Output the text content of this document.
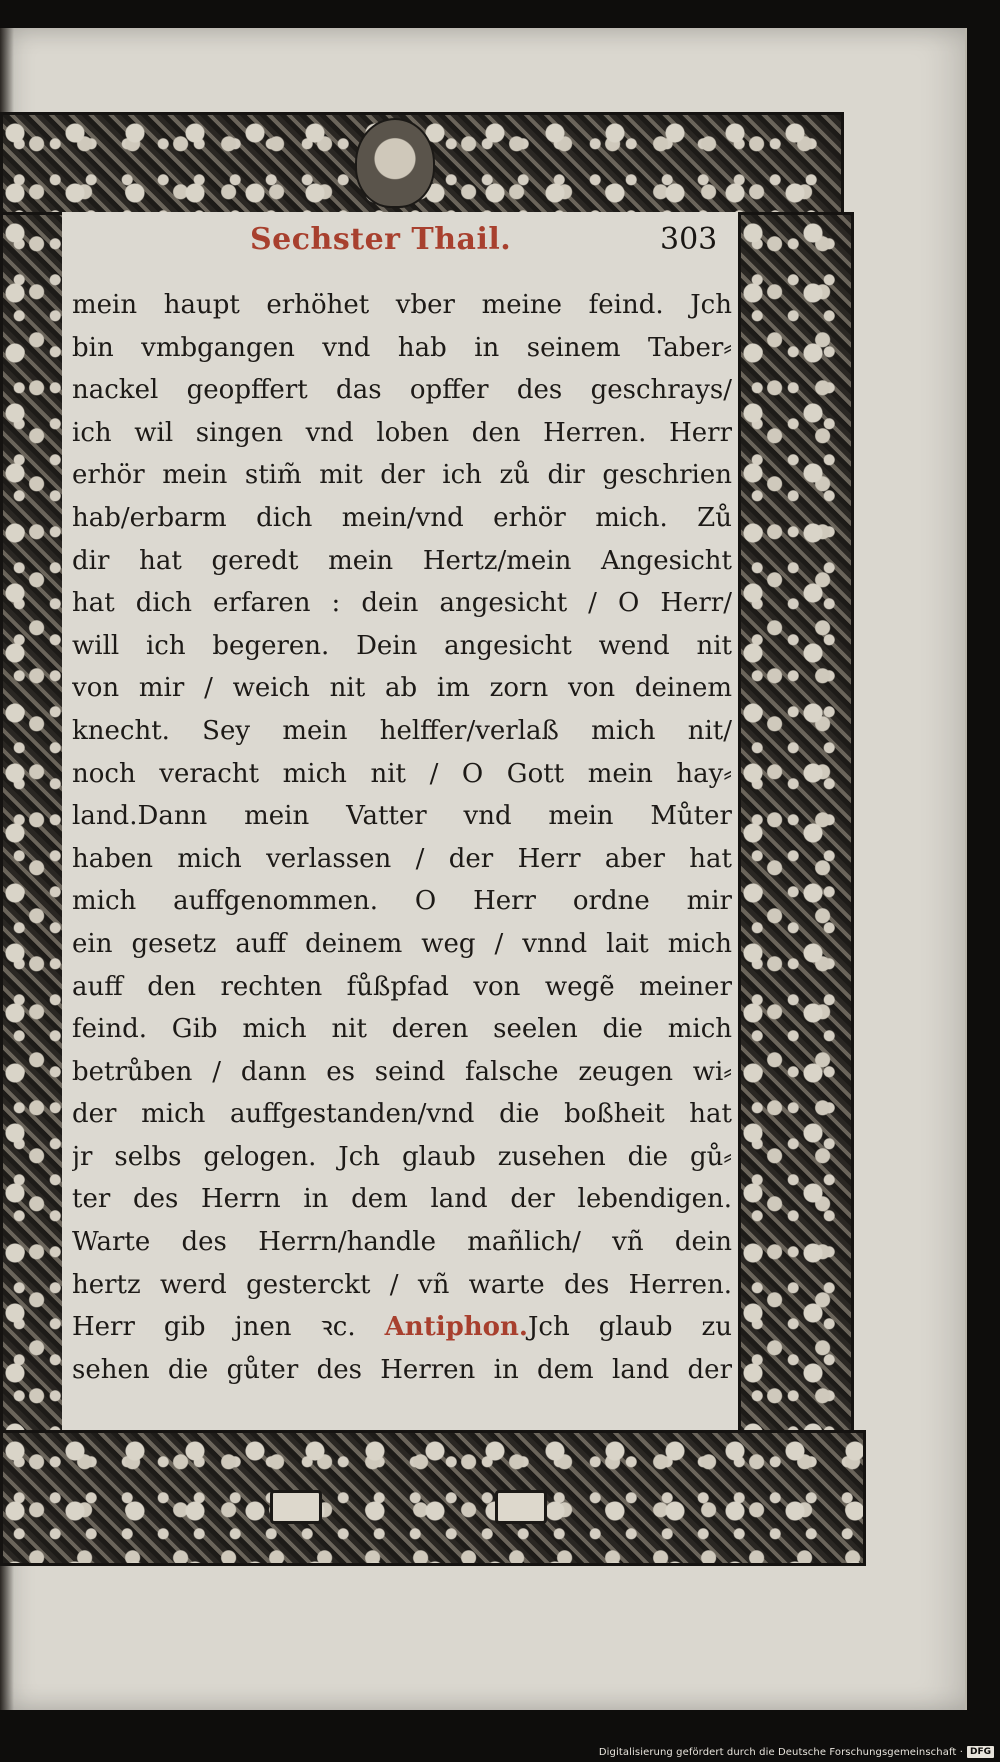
Sechster Thail.	303
mein haupt erhöhet vber meine feind. Jch
bin vmbgangen vnd hab in seinem Taber⸗
nackel geopffert das opffer des geschrays/
ich wil singen vnd loben den Herren. Herr
erhör mein stim̃ mit der ich zů dir geschrien
hab/erbarm dich mein/vnd erhör mich. Zů
dir hat geredt mein Hertz/mein Angesicht
hat dich erfaren : dein angesicht / O Herr/
will ich begeren. Dein angesicht wend nit
von mir / weich nit ab im zorn von deinem
knecht. Sey mein helffer/verlaß mich nit/
noch veracht mich nit / O Gott mein hay⸗
land.Dann mein Vatter vnd mein Můter
haben mich verlassen / der Herr aber hat
mich auffgenommen. O Herr ordne mir
ein gesetz auff deinem weg / vnnd lait mich
auff den rechten fůßpfad von wegẽ meiner
feind. Gib mich nit deren seelen die mich
betrůben / dann es seind falsche zeugen wi⸗
der mich auffgestanden/vnd die boßheit hat
jr selbs gelogen. Jch glaub zusehen die gů⸗
ter des Herrn in dem land der lebendigen.
Warte des Herrn/handle mañlich/ vñ dein
hertz werd gesterckt / vñ warte des Herren.
Herr gib jnen ꝛc. Antiphon.Jch glaub zu
sehen die gůter des Herren in dem land der
Digitalisierung gefördert durch die Deutsche Forschungsgemeinschaft · DFG
